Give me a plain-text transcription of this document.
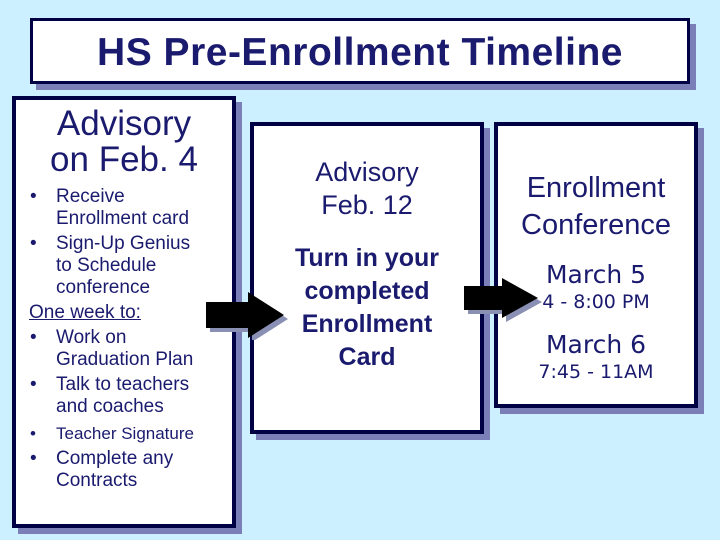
HS Pre-Enrollment Timeline
Advisory
on Feb. 4
• Receive
Enrollment card
• Sign-Up Genius
to Schedule
conference
One week to:
• Work on
Graduation Plan
• Talk to teachers
and coaches
• Teacher Signature
• Complete any
Contracts
Advisory
Feb. 12
Turn in your
completed
Enrollment
Card
Enrollment
Conference
March 5
4 - 8:00 PM
March 6
7:45 - 11AM
